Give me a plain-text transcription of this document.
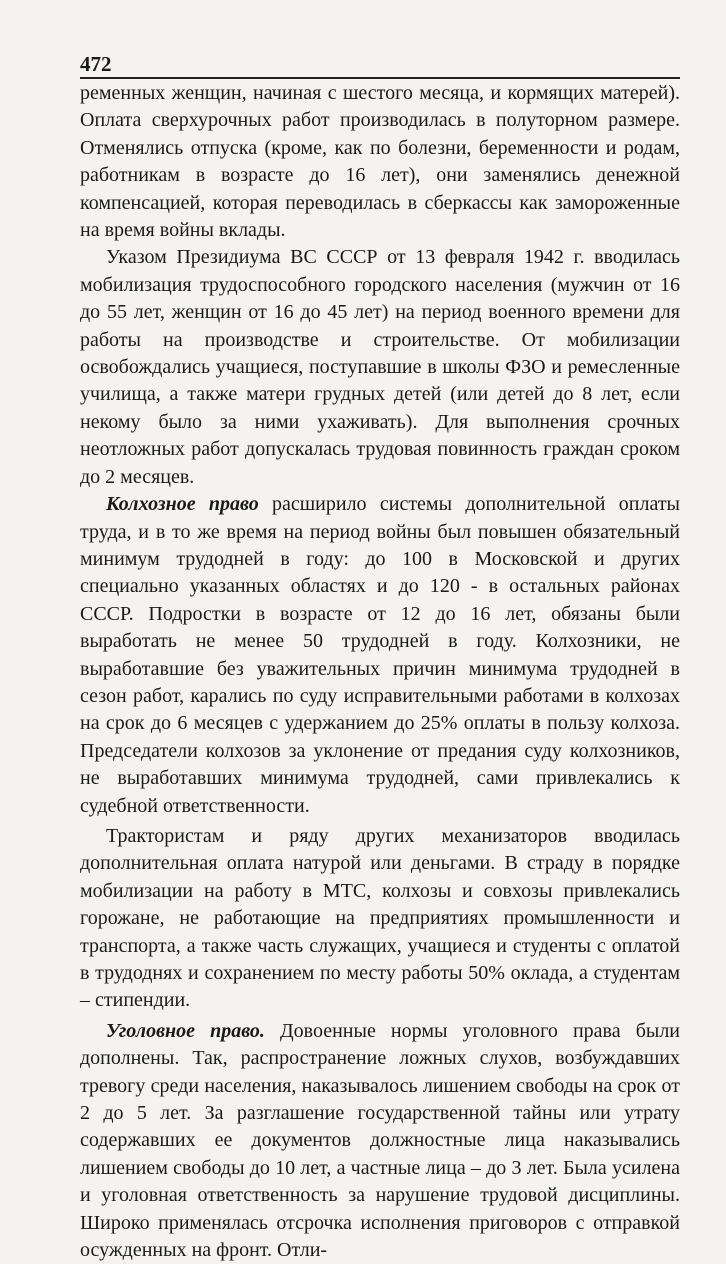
472

ременных женщин, начиная с шестого месяца, и кормящих матерей). Оплата сверхурочных работ производилась в полуторном размере. Отменялись отпуска (кроме, как по болезни, беременности и родам, работникам в возрасте до 16 лет), они заменялись денежной компенсацией, которая переводилась в сберкассы как замороженные на время войны вклады.

Указом Президиума ВС СССР от 13 февраля 1942 г. вводилась мобилизация трудоспособного городского населения (мужчин от 16 до 55 лет, женщин от 16 до 45 лет) на период военного времени для работы на производстве и строительстве. От мобилизации освобождались учащиеся, поступавшие в школы ФЗО и ремесленные училища, а также матери грудных детей (или детей до 8 лет, если некому было за ними ухаживать). Для выполнения срочных неотложных работ допускалась трудовая повинность граждан сроком до 2 месяцев.

Колхозное право расширило системы дополнительной оплаты труда, и в то же время на период войны был повышен обязательный минимум трудодней в году: до 100 в Московской и других специально указанных областях и до 120 - в остальных районах СССР. Подростки в возрасте от 12 до 16 лет, обязаны были выработать не менее 50 трудодней в году. Колхозники, не выработавшие без уважительных причин минимума трудодней в сезон работ, карались по суду исправительными работами в колхозах на срок до 6 месяцев с удержанием до 25% оплаты в пользу колхоза. Председатели колхозов за уклонение от предания суду колхозников, не выработавших минимума трудодней, сами привлекались к судебной ответственности.

Трактористам и ряду других механизаторов вводилась дополнительная оплата натурой или деньгами. В страду в порядке мобилизации на работу в МТС, колхозы и совхозы привлекались горожане, не работающие на предприятиях промышленности и транспорта, а также часть служащих, учащиеся и студенты с оплатой в трудоднях и сохранением по месту работы 50% оклада, а студентам – стипендии.

Уголовное право. Довоенные нормы уголовного права были дополнены. Так, распространение ложных слухов, возбуждавших тревогу среди населения, наказывалось лишением свободы на срок от 2 до 5 лет. За разглашение государственной тайны или утрату содержавших ее документов должностные лица наказывались лишением свободы до 10 лет, а частные лица – до 3 лет. Была усилена и уголовная ответственность за нарушение трудовой дисциплины. Широко применялась отсрочка исполнения приговоров с отправкой осужденных на фронт. Отли-
